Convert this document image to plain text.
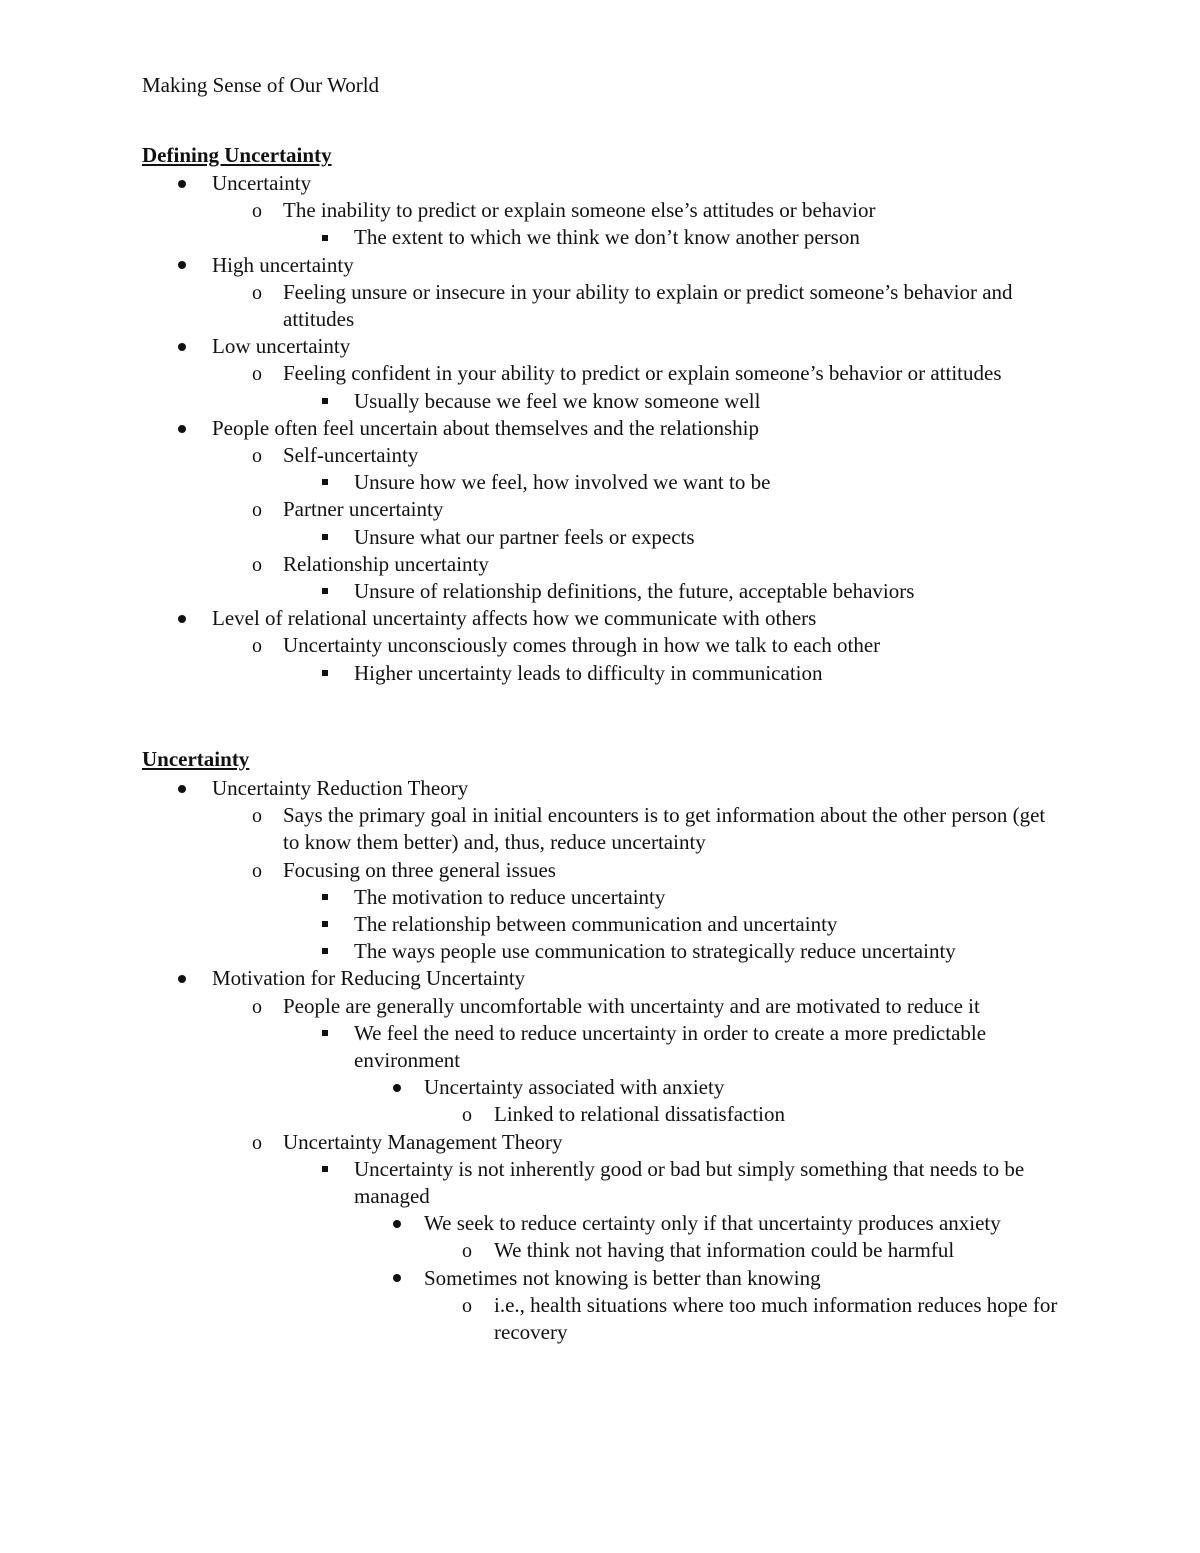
Making Sense of Our World
Defining Uncertainty
Uncertainty
o The inability to predict or explain someone else’s attitudes or behavior
The extent to which we think we don’t know another person
High uncertainty
o Feeling unsure or insecure in your ability to explain or predict someone’s behavior and attitudes
Low uncertainty
o Feeling confident in your ability to predict or explain someone’s behavior or attitudes
Usually because we feel we know someone well
People often feel uncertain about themselves and the relationship
o Self-uncertainty
Unsure how we feel, how involved we want to be
o Partner uncertainty
Unsure what our partner feels or expects
o Relationship uncertainty
Unsure of relationship definitions, the future, acceptable behaviors
Level of relational uncertainty affects how we communicate with others
o Uncertainty unconsciously comes through in how we talk to each other
Higher uncertainty leads to difficulty in communication
Uncertainty
Uncertainty Reduction Theory
o Says the primary goal in initial encounters is to get information about the other person (get to know them better) and, thus, reduce uncertainty
o Focusing on three general issues
The motivation to reduce uncertainty
The relationship between communication and uncertainty
The ways people use communication to strategically reduce uncertainty
Motivation for Reducing Uncertainty
o People are generally uncomfortable with uncertainty and are motivated to reduce it
We feel the need to reduce uncertainty in order to create a more predictable environment
Uncertainty associated with anxiety
o Linked to relational dissatisfaction
o Uncertainty Management Theory
Uncertainty is not inherently good or bad but simply something that needs to be managed
We seek to reduce certainty only if that uncertainty produces anxiety
o We think not having that information could be harmful
Sometimes not knowing is better than knowing
o i.e., health situations where too much information reduces hope for recovery
